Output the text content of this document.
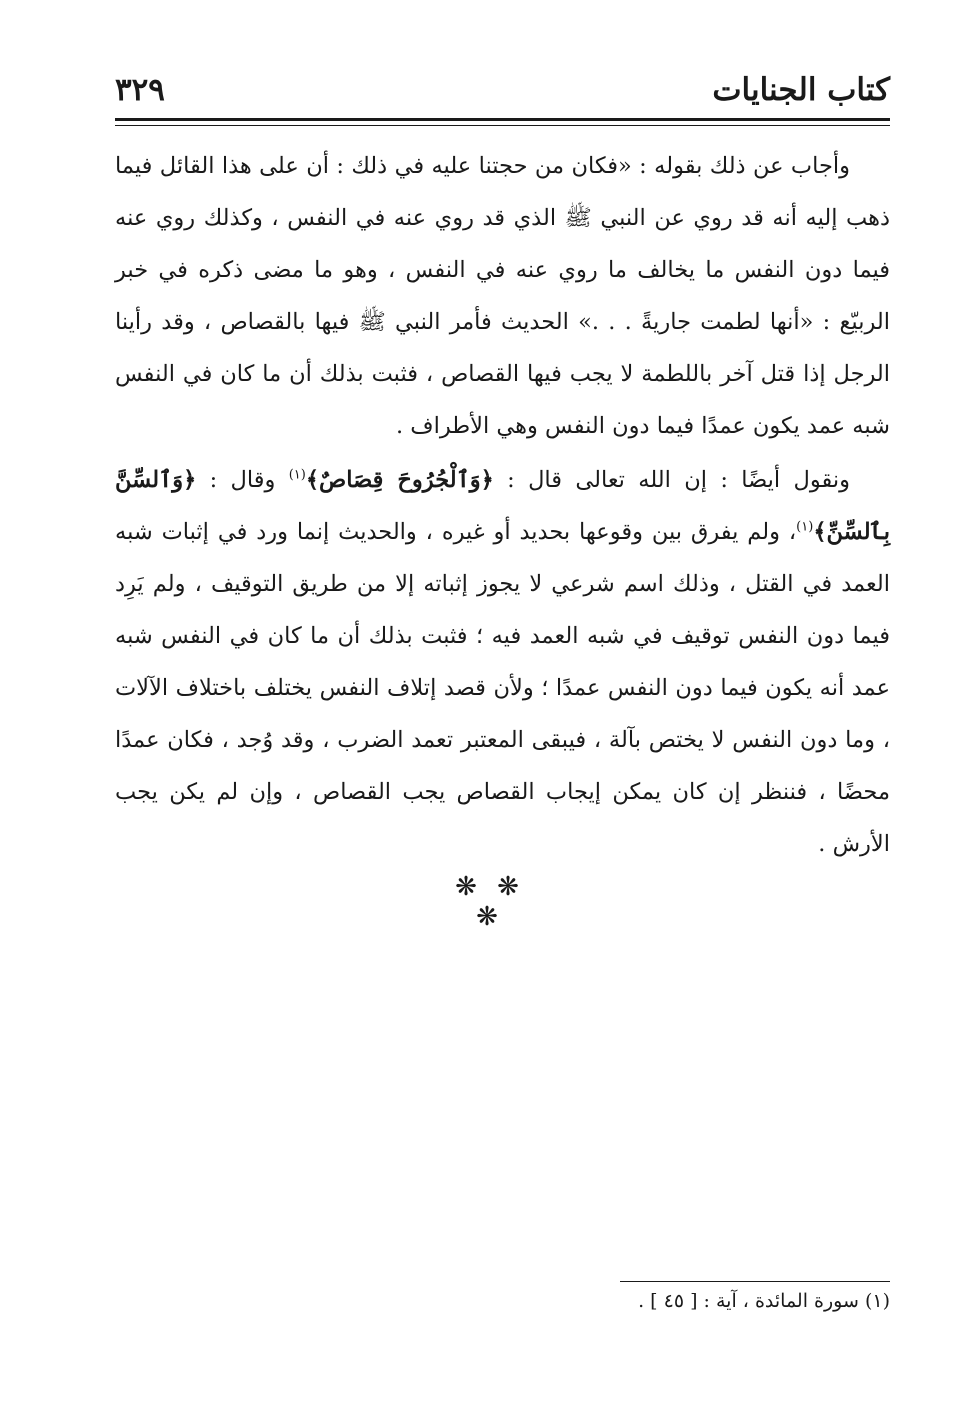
كتاب الجنايات
٣٢٩

وأجاب عن ذلك بقوله : «فكان من حجتنا عليه في ذلك : أن على هذا القائل فيما ذهب إليه أنه قد روي عن النبي ﷺ الذي قد روي عنه في النفس ، وكذلك روي عنه فيما دون النفس ما يخالف ما روي عنه في النفس ، وهو ما مضى ذكره في خبر الربيّع : «أنها لطمت جاريةً . . .» الحديث فأمر النبي ﷺ فيها بالقصاص ، وقد رأينا الرجل إذا قتل آخر باللطمة لا يجب فيها القصاص ، فثبت بذلك أن ما كان في النفس شبه عمد يكون عمدًا فيما دون النفس وهي الأطراف .

ونقول أيضًا : إن الله تعالى قال : ﴿وَٱلْجُرُوحَ قِصَاصٌ﴾$^{(١)}$ وقال : ﴿وَٱلسِّنَّ بِٱلسِّنِّ﴾$^{(١)}$، ولم يفرق بين وقوعها بحديد أو غيره ، والحديث إنما ورد في إثبات شبه العمد في القتل ، وذلك اسم شرعي لا يجوز إثباته إلا من طريق التوقيف ، ولم يَرِد فيما دون النفس توقيف في شبه العمد فيه ؛ فثبت بذلك أن ما كان في النفس شبه عمد أنه يكون فيما دون النفس عمدًا ؛ ولأن قصد إتلاف النفس يختلف باختلاف الآلات ، وما دون النفس لا يختص بآلة ، فيبقى المعتبر تعمد الضرب ، وقد وُجد ، فكان عمدًا محضًا ، فننظر إن كان يمكن إيجاب القصاص يجب القصاص ، وإن لم يكن يجب الأرش .

❋ ❋ ❋
(١) سورة المائدة ، آية : [ ٤٥ ] .
